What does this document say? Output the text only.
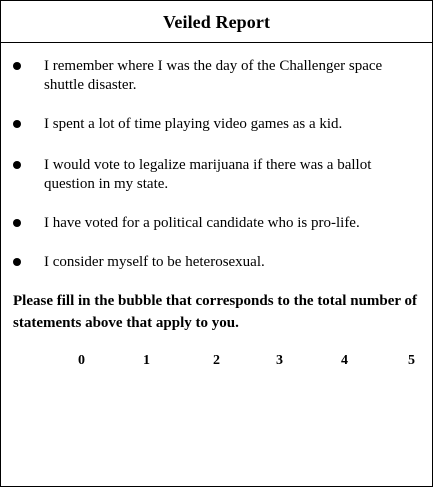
Veiled Report
I remember where I was the day of the Challenger space shuttle disaster.
I spent a lot of time playing video games as a kid.
I would vote to legalize marijuana if there was a ballot question in my state.
I have voted for a political candidate who is pro-life.
I consider myself to be heterosexual.
Please fill in the bubble that corresponds to the total number of statements above that apply to you.
0	1	2	3	4	5
